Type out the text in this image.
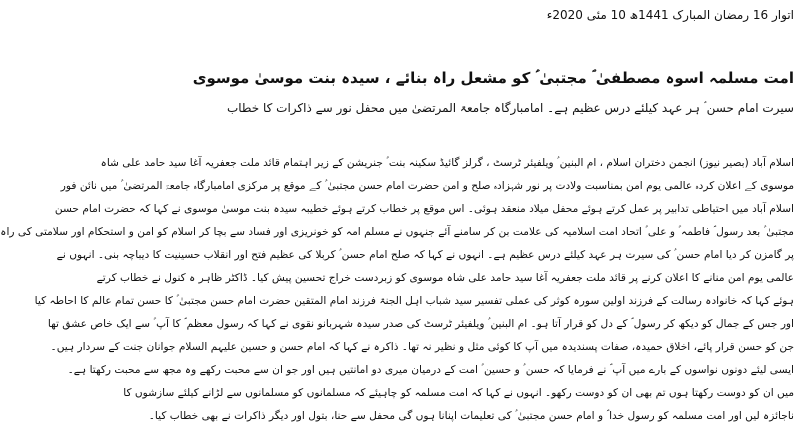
اتوار 16 رمضان المبارک 1441ھ 10 مئی 2020ء
امت مسلمہ اسوہ مصطفیٰ ؐ مجتبیٰ ؑ کو مشعل راہ بنائے ، سیدہ بنت موسیٰ موسوی
سیرت امام حسن ؑ ہر عہد کیلئے درس عظیم ہے۔ امامبارگاہ جامعۃ المرتضیٰ میں محفل نور سے ذاکرات کا خطاب
اسلام آباد (بصیر نیوز) انجمن دختران اسلام ، ام البنین ؑ ویلفیئر ٹرسٹ ، گرلز گائیڈ سکینہ بنت ؑ جنریشن کے زیر اہتمام قائد ملت جعفریہ آغا سید حامد علی شاہ
موسوی کے اعلان کردہ عالمی یوم امن بمناسبت ولادت پر نور شہزادہ صلح و امن حضرت امام حسن مجتبیٰ ؑ کے موقع پر مرکزی امامبارگاہ جامعۃ المرتضیٰ ؑ میں نائن فور
اسلام آباد میں احتیاطی تدابیر پر عمل کرتے ہوئے محفل میلاد منعقد ہوئی۔ اس موقع پر خطاب کرتے ہوئے خطیبہ سیدہ بنت موسیٰ موسوی نے کہا کہ حضرت امام حسن
مجتبیٰ ؑ بعد رسول ؐ فاطمہ ؑ و علی ؑ اتحاد امت اسلامیہ کی علامت بن کر سامنے آئے جنہوں نے مسلم امہ کو خونریزی اور فساد سے بچا کر اسلام کو امن و استحکام اور سلامتی کی راہ
پر گامزن کر دیا امام حسن ؑ کی سیرت ہر عہد کیلئے درس عظیم ہے۔ انہوں نے کہا کہ صلح امام حسن ؑ کربلا کی عظیم فتح اور انقلاب حسینیت کا دیباچہ بنی۔ انہوں نے
عالمی یوم امن منانے کا اعلان کرنے پر قائد ملت جعفریہ آغا سید حامد علی شاہ موسوی کو زبردست خراج تحسین پیش کیا۔ ڈاکٹر ظاہر ہ کنول نے خطاب کرتے
ہوئے کہا کہ خانوادہ رسالت کے فرزند اولین سورہ کوثر کی عملی تفسیر سید شباب اہل الجنۃ فرزند امام المتقین حضرت امام حسن مجتبیٰ ؑ کا حسن تمام عالم کا احاطہ کیا
اور جس کے جمال کو دیکھ کر رسول ؐ کے دل کو قرار آتا ہو۔ ام البنین ؑ ویلفیئر ٹرسٹ کی صدر سیدہ شہربانو نقوی نے کہا کہ رسول معظم ؐ کا آپ ؑ سے ایک خاص عشق تھا
جن کو حسن قرار پائے، اخلاق حمیدہ، صفات پسندیدہ میں آپ کا کوئی مثل و نظیر نہ تھا۔ ذاکرہ نے کہا کہ امام حسن و حسین علیہم السلام جوانان جنت کے سردار ہیں۔
ایسی لیئے دونوں نواسوں کے بارے میں آپ ؐ نے فرمایا کہ حسن ؑ و حسین ؑ امت کے درمیان میری دو امانتیں ہیں اور جو ان سے محبت رکھے وہ مجھ سے محبت رکھتا ہے۔
میں ان کو دوست رکھتا ہوں تم بھی ان کو دوست رکھو۔ انہوں نے کہا کہ امت مسلمہ کو چاہیئے کہ مسلمانوں کو مسلمانوں سے لڑانے کیلئے سازشوں کا
ناجائزہ لیں اور امت مسلمہ کو رسول خدا ؐ و امام حسن مجتبیٰ ؑ کی تعلیمات اپنانا ہوں گی محفل سے حنا، بتول اور دیگر ذاکرات نے بھی خطاب کیا۔
